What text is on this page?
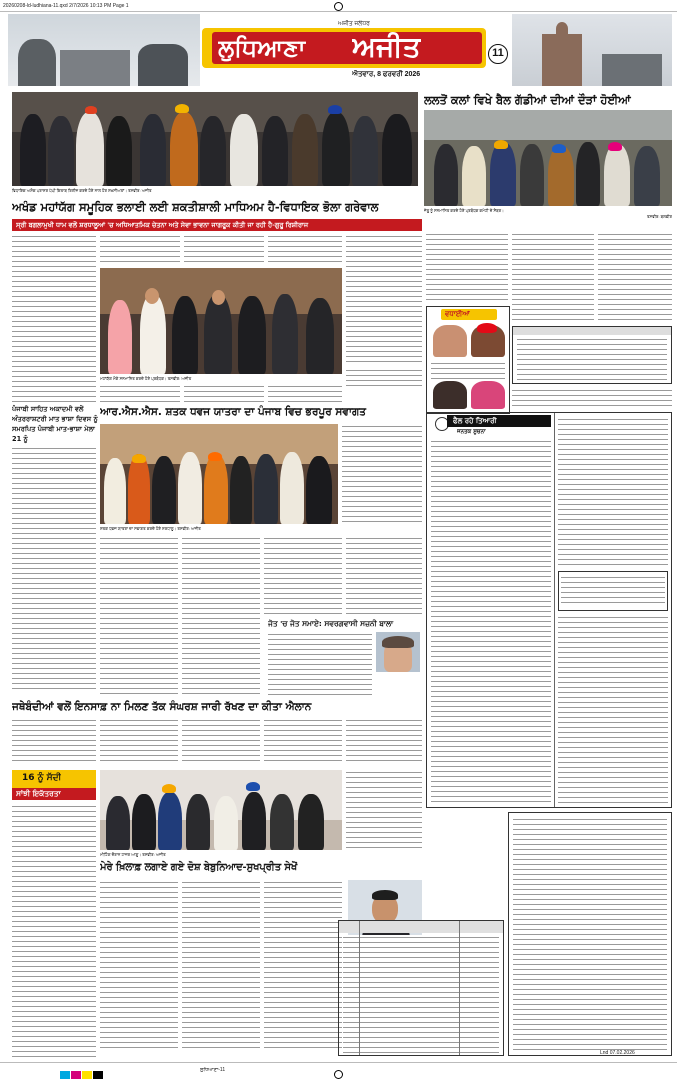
20260208-ld-ludhiana-11.qxd 2/7/2026 10:13 PM Page 1
ਲੁਧਿਆਣਾ ਅਜੀਤ
ਅਜੀਤ ਜਲੰਧਰ
ਐਤਵਾਰ, 8 ਫਰਵਰੀ 2026
11
ਵਿਧਾਇਕ ਅਸ਼ੋਕ ਪਰਾਸ਼ਰ ਪੱਪੀ ਕਿਤਾਬ ਰਿਲੀਜ਼ ਕਰਦੇ ਹੋਏ ਨਾਲ ਹੋਰ ਸ਼ਖ਼ਸੀਅਤਾਂ। ਤਸਵੀਰ: ਅਜੀਤ
ਲਲਤੋਂ ਕਲਾਂ ਵਿਖੇ ਬੈਲ ਗੱਡੀਆਂ ਦੀਆਂ ਦੌੜਾਂ ਹੋਈਆਂ
ਜੇਤੂ ਨੂੰ ਸਨਮਾਨਿਤ ਕਰਦੇ ਹੋਏ ਪ੍ਰਬੰਧਕ ਕਮੇਟੀ ਦੇ ਮੈਂਬਰ।
ਤਸਵੀਰ: ਬਲਵੀਰ
ਅਖੰਡ ਮਹਾਂਯੱਗ ਸਮੂਹਿਕ ਭਲਾਈ ਲਈ ਸ਼ਕਤੀਸ਼ਾਲੀ ਮਾਧਿਅਮ ਹੈ-ਵਿਧਾਇਕ ਭੋਲਾ ਗਰੇਵਾਲ
ਸ੍ਰੀ ਬਗਲਾਮੁਖੀ ਧਾਮ ਵਲੋਂ ਸ਼ਰਧਾਲੂਆਂ 'ਚ ਅਧਿਆਤਮਿਕ ਚੇਤਨਾ ਅਤੇ ਸੇਵਾ ਭਾਵਨਾ ਜਾਗਰੂਕ ਕੀਤੀ ਜਾ ਰਹੀ ਹੈ-ਗੁਰੂ ਰਿਸ਼ੀਰਾਜ
ਮਹਾਂਯੱਗ ਮੌਕੇ ਸਨਮਾਨਿਤ ਕਰਦੇ ਹੋਏ ਪ੍ਰਬੰਧਕ। ਤਸਵੀਰ: ਅਜੀਤ
ਵਧਾਈਆਂ
ਪੰਜਾਬੀ ਸਾਹਿਤ ਅਕਾਦਮੀ ਵਲੋਂ ਅੰਤਰਰਾਸ਼ਟਰੀ ਮਾਤ ਭਾਸ਼ਾ ਦਿਵਸ ਨੂੰ ਸਮਰਪਿਤ ਪੰਜਾਬੀ ਮਾਤ-ਭਾਸ਼ਾ ਮੇਲਾ 21 ਨੂੰ
ਆਰ.ਐਸ.ਐਸ. ਸ਼ਤਕ ਧਵਜ ਯਾਤਰਾ ਦਾ ਪੰਜਾਬ ਵਿਚ ਭਰਪੂਰ ਸਵਾਗਤ
ਸ਼ਤਕ ਧਵਜ ਯਾਤਰਾ ਦਾ ਸਵਾਗਤ ਕਰਦੇ ਹੋਏ ਸ਼ਰਧਾਲੂ। ਤਸਵੀਰ: ਅਜੀਤ
ਜੋਤ 'ਚ ਜੋਤ ਸਮਾਏ: ਸਵਰਗਵਾਸੀ ਸਜ਼ਨੀ ਬਾਲਾ
ਜਥੇਬੰਦੀਆਂ ਵਲੋਂ ਇਨਸਾਫ਼ ਨਾ ਮਿਲਣ ਤੱਕ ਸੰਘਰਸ਼ ਜਾਰੀ ਰੱਖਣ ਦਾ ਕੀਤਾ ਐਲਾਨ
16 ਨੂੰ ਸੱਦੀ
ਸਾਂਝੀ ਇਕੱਤਰਤਾ
ਮੀਟਿੰਗ ਦੌਰਾਨ ਹਾਜ਼ਰ ਆਗੂ। ਤਸਵੀਰ: ਅਜੀਤ
ਮੇਰੇ ਖ਼ਿਲਾਫ਼ ਲਗਾਏ ਗਏ ਦੋਸ਼ ਬੇਬੁਨਿਆਦ-ਸੁਖਪ੍ਰੀਤ ਸੇਖੋਂ
ਫੈਲ ਰਹੇ ਤਿਆਰੀ
ਜਨਤਕ ਸੂਚਨਾ
ਲੁਧਿਆਣਾ-11
Lnd 07.02.2026
